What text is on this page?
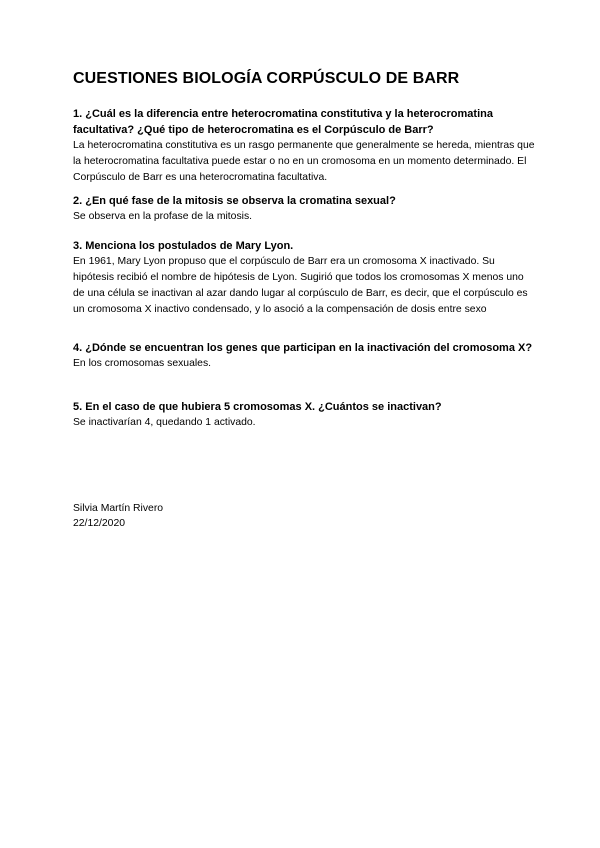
CUESTIONES BIOLOGÍA CORPÚSCULO DE BARR

1. ¿Cuál es la diferencia entre heterocromatina constitutiva y la heterocromatina facultativa? ¿Qué tipo de heterocromatina es el Corpúsculo de Barr?

La heterocromatina constitutiva es un rasgo permanente que generalmente se hereda, mientras que la heterocromatina facultativa puede estar o no en un cromosoma en un momento determinado. El Corpúsculo de Barr es una heterocromatina facultativa.

2. ¿En qué fase de la mitosis se observa la cromatina sexual?

Se observa en la profase de la mitosis.

3. Menciona los postulados de Mary Lyon.

En 1961, Mary Lyon propuso que el corpúsculo de Barr era un cromosoma X inactivado. Su hipótesis recibió el nombre de hipótesis de Lyon. Sugirió que todos los cromosomas X menos uno de una célula se inactivan al azar dando lugar al corpúsculo de Barr, es decir, que el corpúsculo es un cromosoma X inactivo condensado, y lo asoció a la compensación de dosis entre sexo

4. ¿Dónde se encuentran los genes que participan en la inactivación del cromosoma X?

En los cromosomas sexuales.

5. En el caso de que hubiera 5 cromosomas X. ¿Cuántos se inactivan?

Se inactivarían 4, quedando 1 activado.

Silvia Martín Rivero
22/12/2020
